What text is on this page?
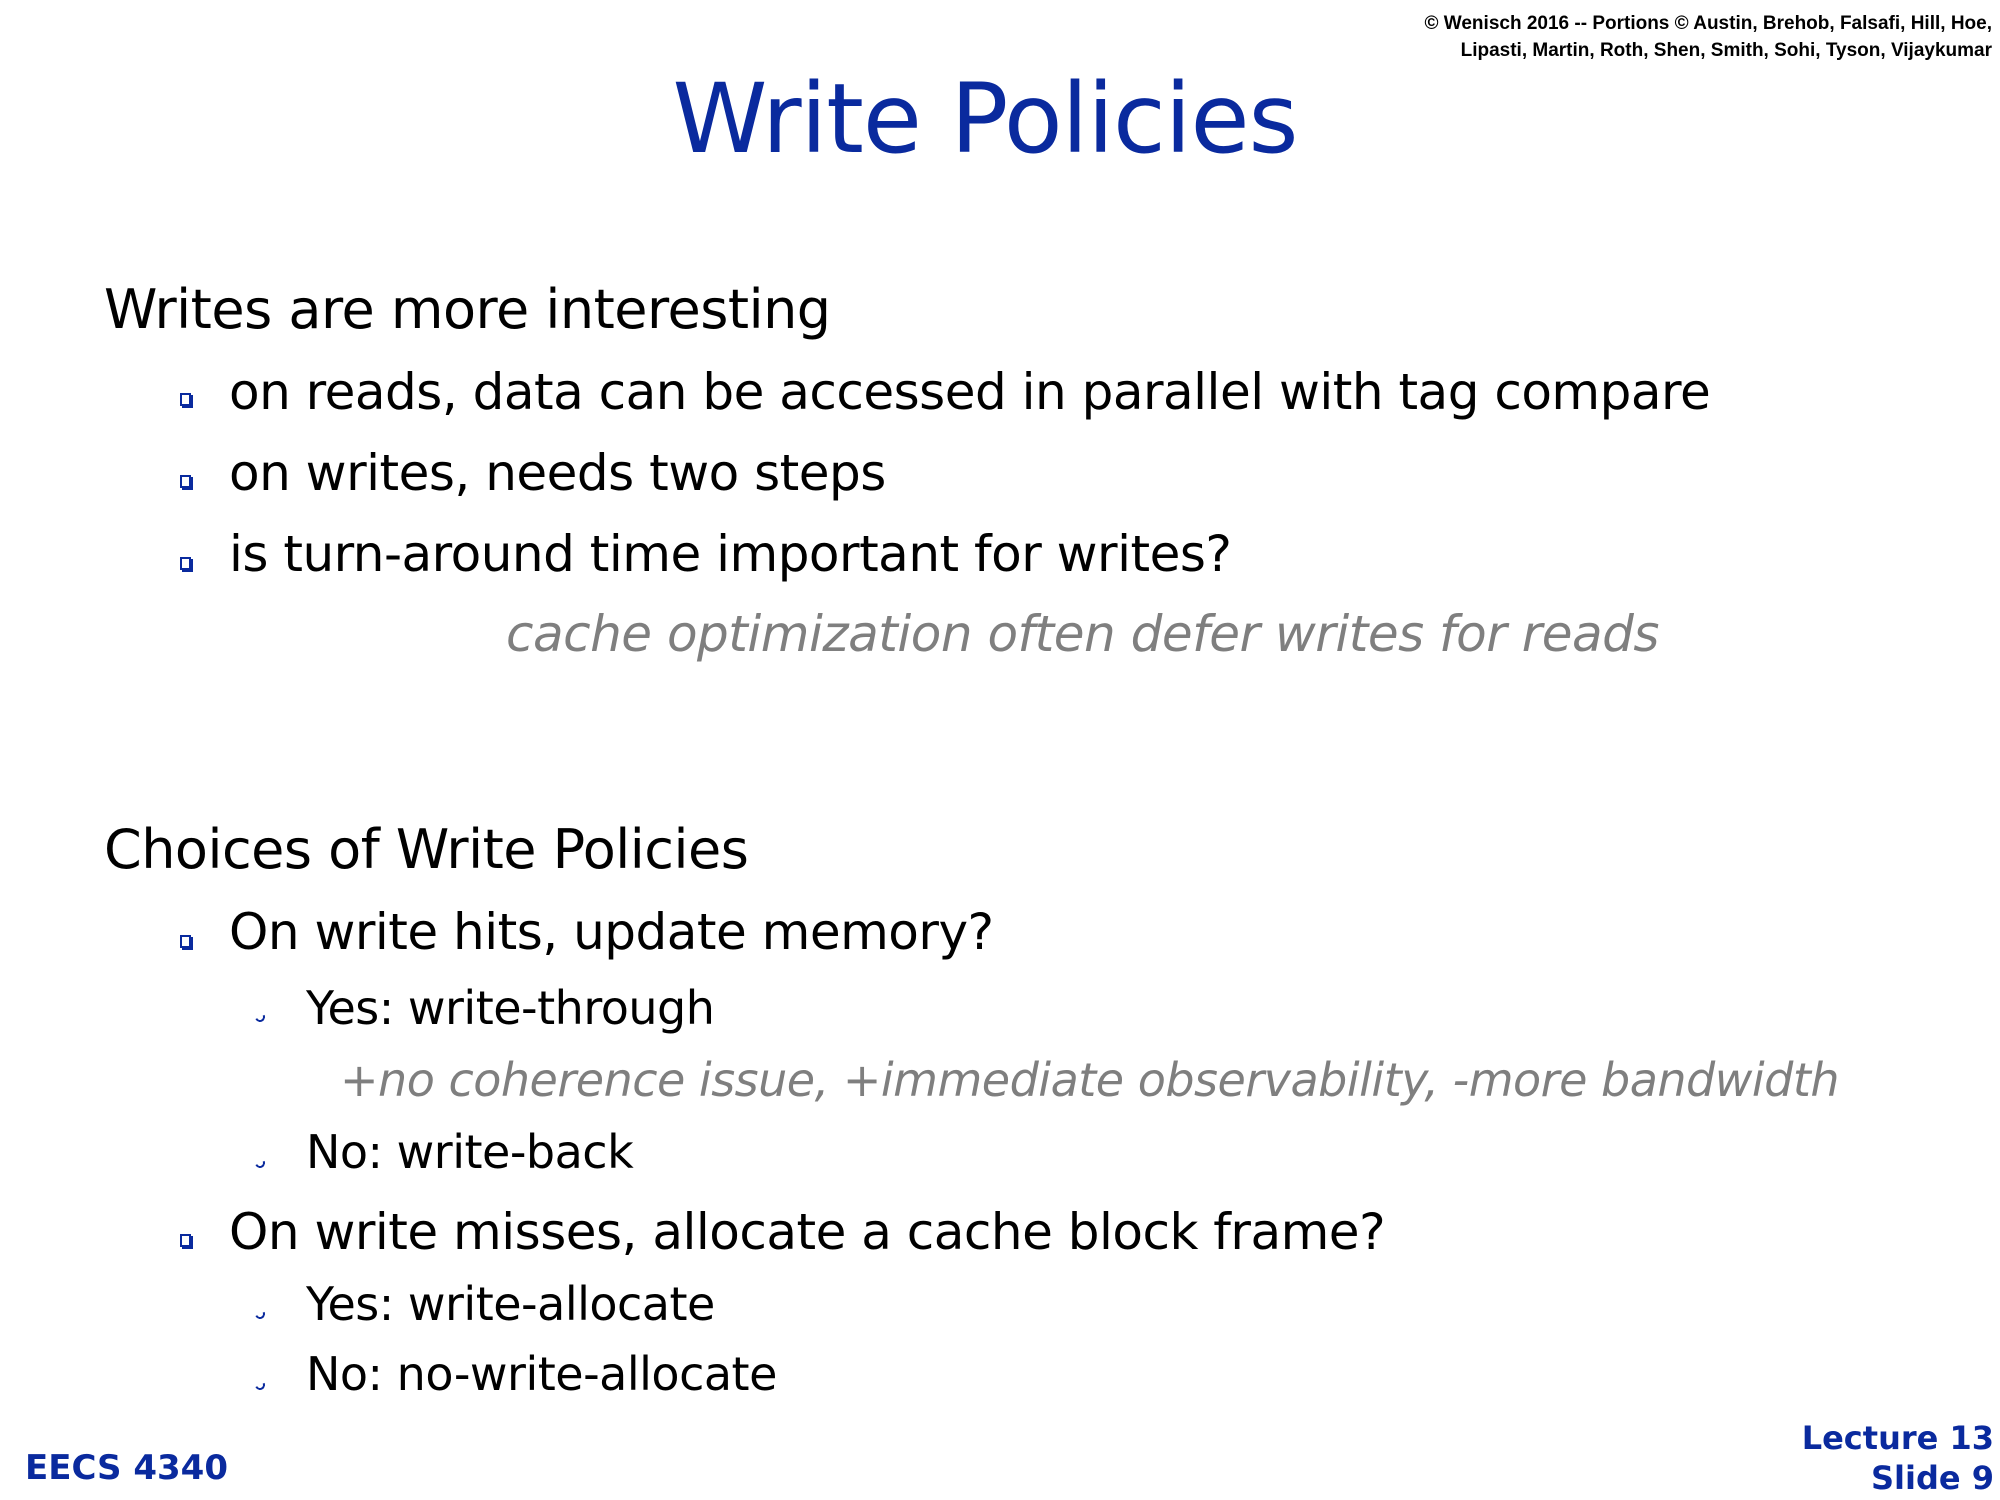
© Wenisch 2016 -- Portions © Austin, Brehob, Falsafi, Hill, Hoe,
Lipasti, Martin, Roth, Shen, Smith, Sohi, Tyson, Vijaykumar
Write Policies
Writes are more interesting
on reads, data can be accessed in parallel with tag compare
on writes, needs two steps
is turn-around time important for writes?
cache optimization often defer writes for reads
Choices of Write Policies
On write hits, update memory?
Yes: write-through
+no coherence issue, +immediate observability, -more bandwidth
No: write-back
On write misses, allocate a cache block frame?
Yes: write-allocate
No: no-write-allocate
EECS 4340
Lecture 13
Slide 9
